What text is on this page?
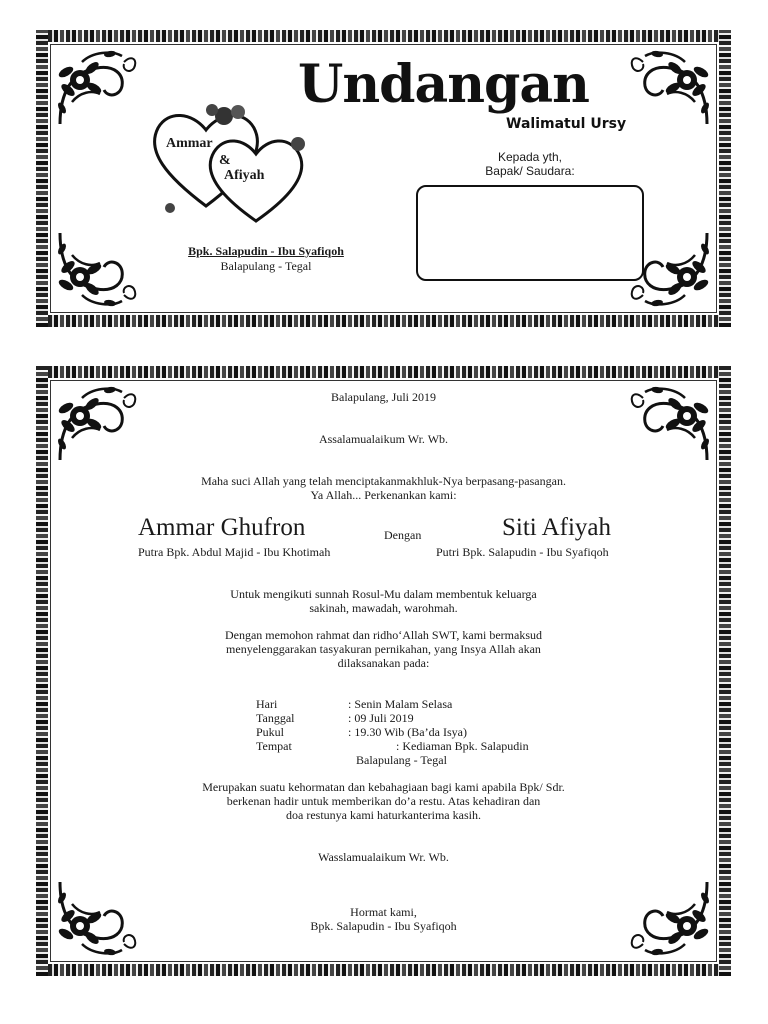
Undangan
Walimatul Ursy
Ammar
&
Afiyah
Bpk. Salapudin - Ibu Syafiqoh
Balapulang - Tegal
Kepada yth,
Bapak/ Saudara:
Balapulang, Juli 2019
Assalamualaikum Wr. Wb.
Maha suci Allah yang telah menciptakanmakhluk-Nya berpasang-pasangan.
Ya Allah... Perkenankan kami:
Ammar Ghufron	Dengan	Siti Afiyah
Putra Bpk. Abdul Majid - Ibu Khotimah	Putri Bpk. Salapudin - Ibu Syafiqoh
Untuk mengikuti sunnah Rosul-Mu dalam membentuk keluarga
sakinah, mawadah, warohmah.
Dengan memohon rahmat dan ridho‘Allah SWT, kami bermaksud
menyelenggarakan tasyakuran pernikahan, yang Insya Allah akan
dilaksanakan pada:
Hari	: Senin Malam Selasa
Tanggal	: 09 Juli 2019
Pukul	: 19.30 Wib (Ba’da Isya)
Tempat	: Kediaman Bpk. Salapudin
Balapulang - Tegal
Merupakan suatu kehormatan dan kebahagiaan bagi kami apabila Bpk/ Sdr.
berkenan hadir untuk memberikan do’a restu. Atas kehadiran dan
doa restunya kami haturkanterima kasih.
Wasslamualaikum Wr. Wb.
Hormat kami,
Bpk. Salapudin - Ibu Syafiqoh
